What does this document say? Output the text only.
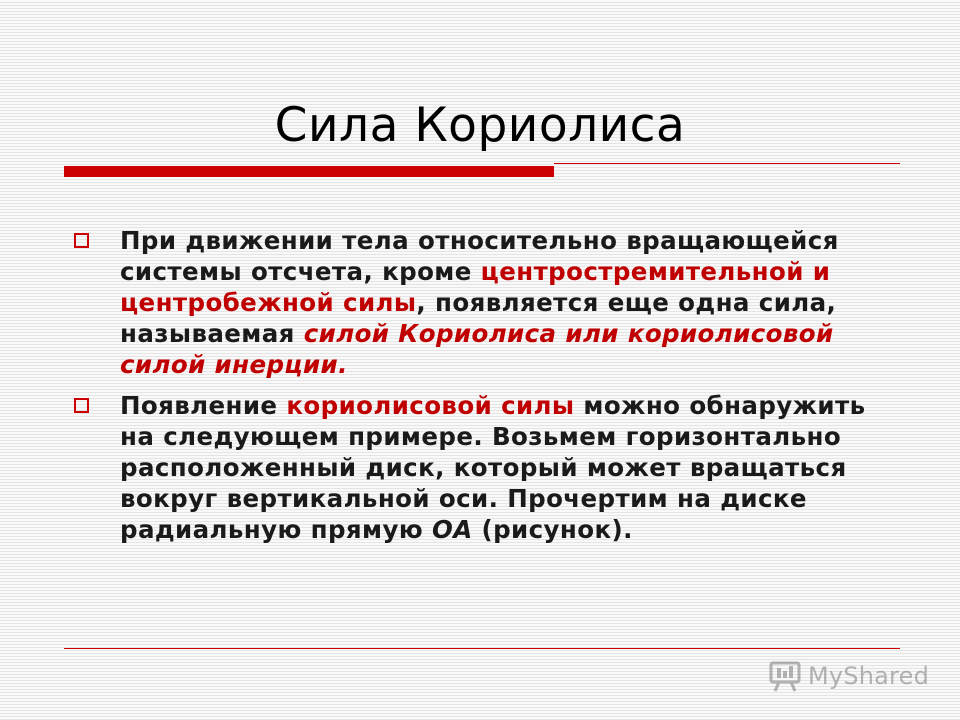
Сила Кориолиса
При движении тела относительно вращающейся системы отсчета, кроме центростремительной и центробежной силы, появляется еще одна сила, называемая силой Кориолиса или кориолисовой силой инерции.
Появление кориолисовой силы можно обнаружить на следующем примере. Возьмем горизонтально расположенный диск, который может вращаться вокруг вертикальной оси. Прочертим на диске радиальную прямую ОА (рисунок).
MyShared
